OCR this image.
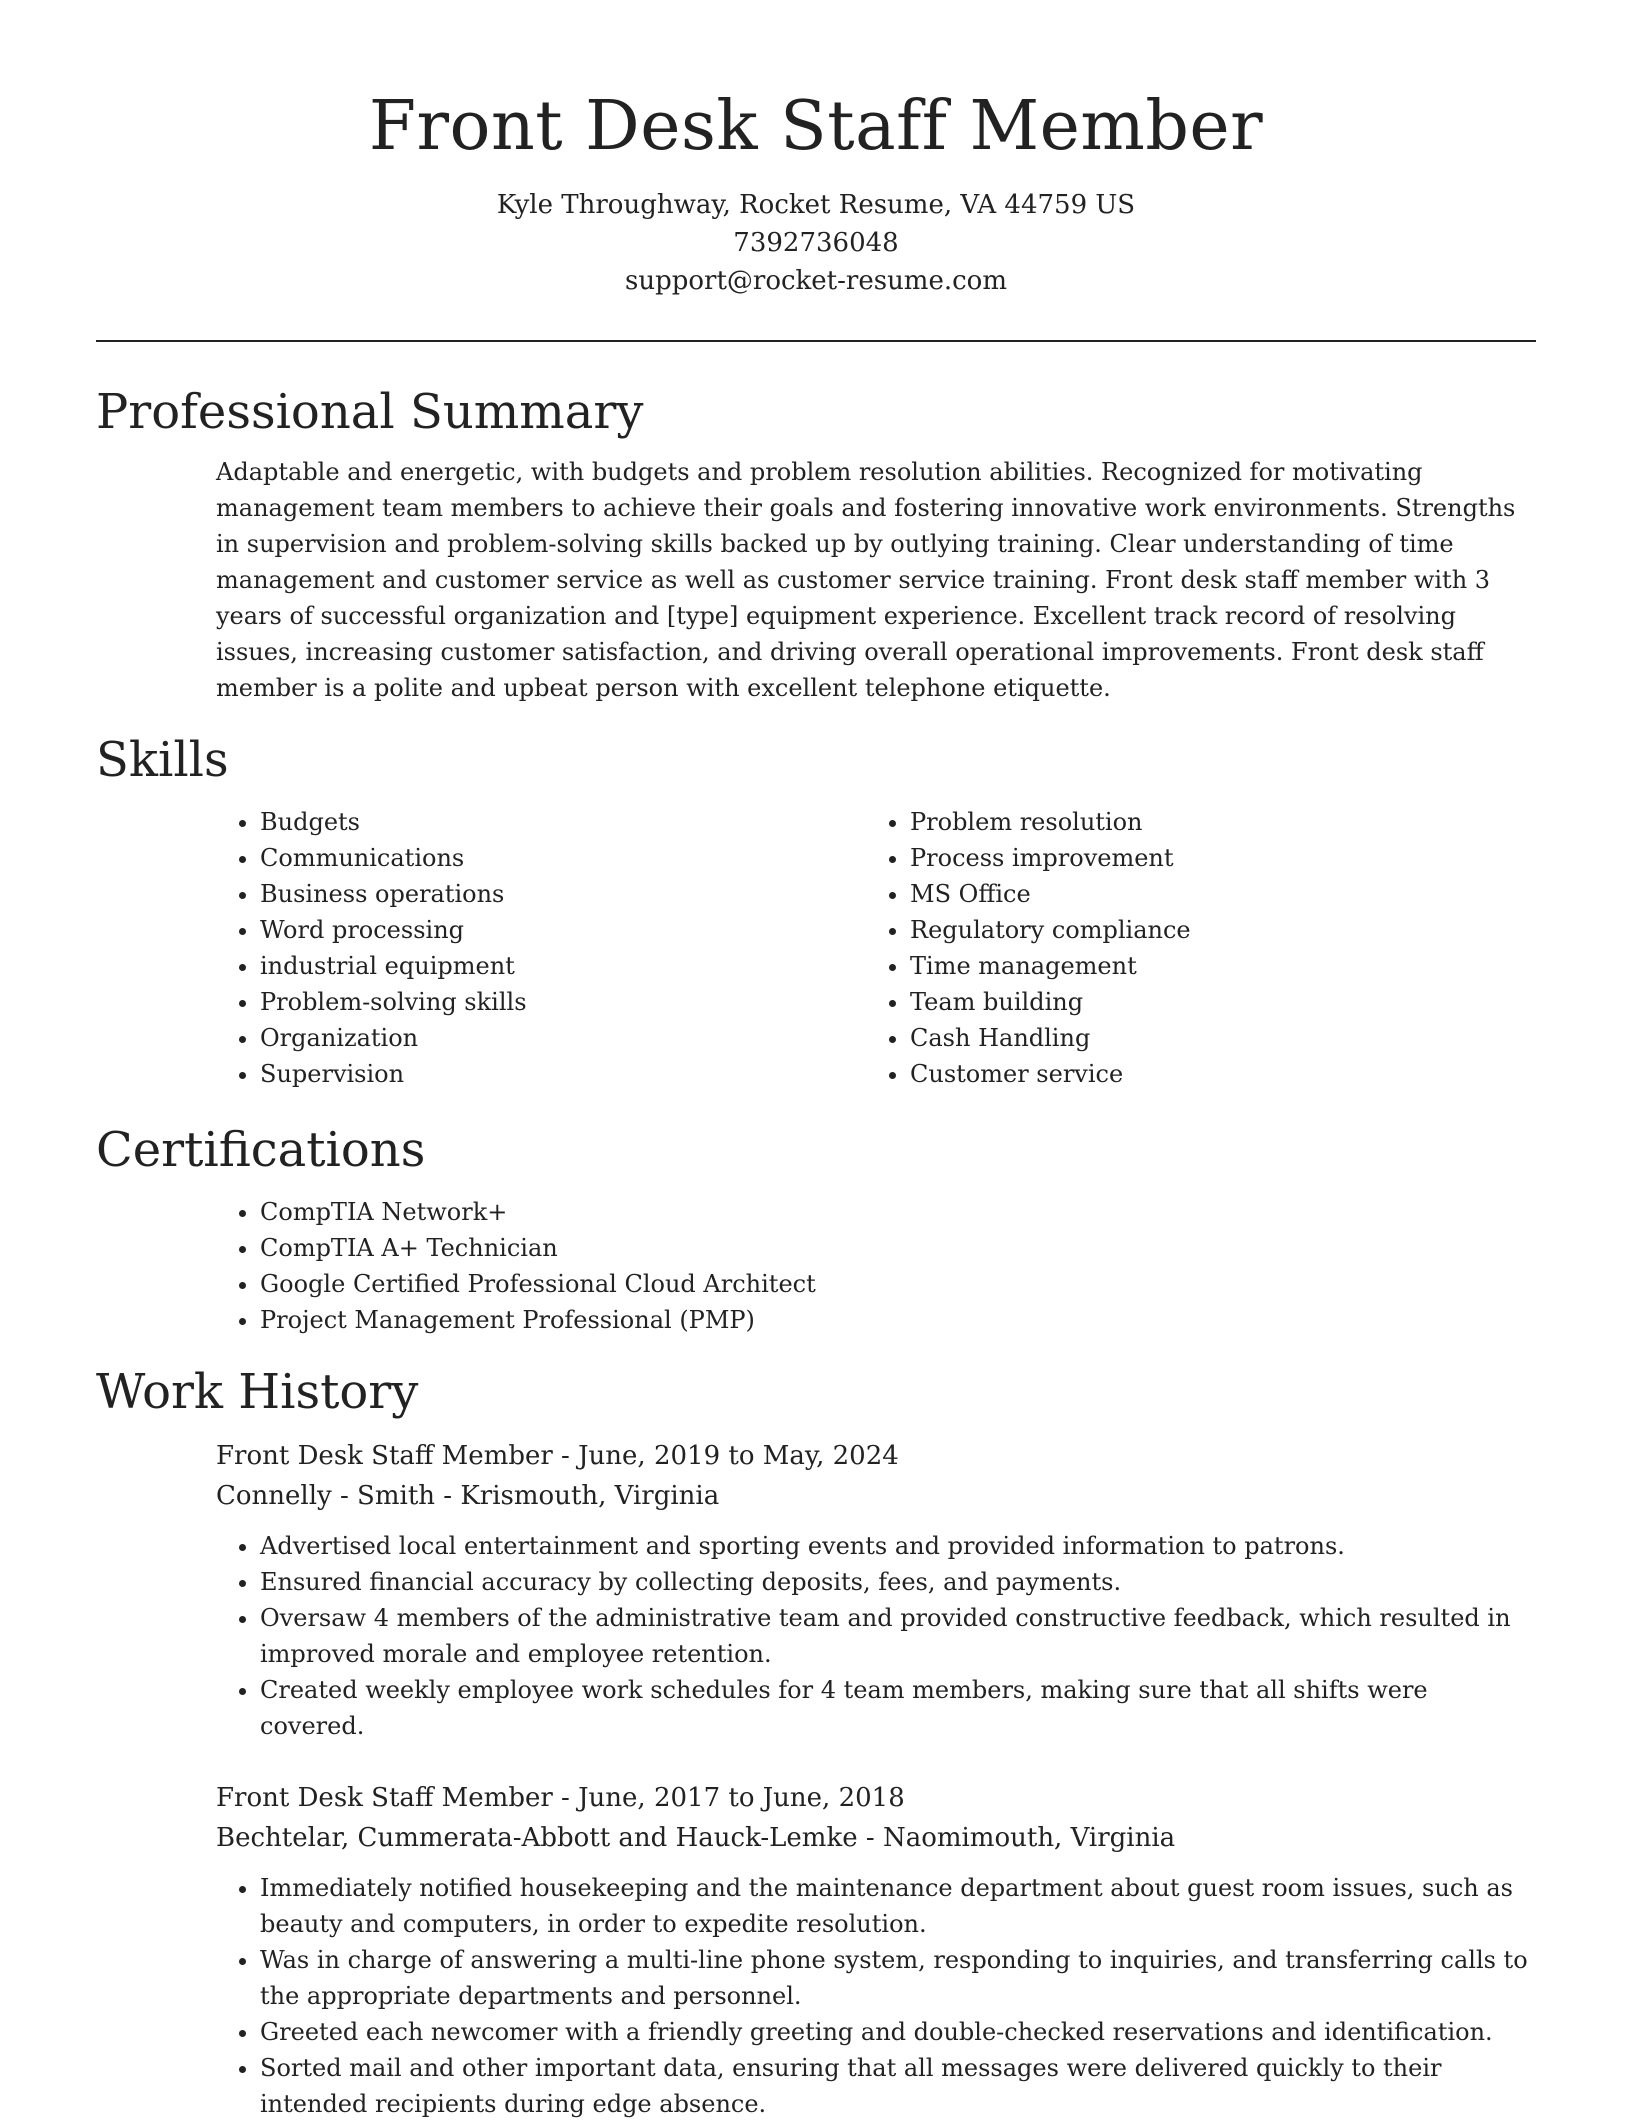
Front Desk Staff Member
Kyle Throughway, Rocket Resume, VA 44759 US
7392736048
support@rocket-resume.com
Professional Summary
Adaptable and energetic, with budgets and problem resolution abilities. Recognized for motivating management team members to achieve their goals and fostering innovative work environments. Strengths in supervision and problem-solving skills backed up by outlying training. Clear understanding of time management and customer service as well as customer service training. Front desk staff member with 3 years of successful organization and [type] equipment experience. Excellent track record of resolving issues, increasing customer satisfaction, and driving overall operational improvements. Front desk staff member is a polite and upbeat person with excellent telephone etiquette.
Skills
• Budgets
• Communications
• Business operations
• Word processing
• industrial equipment
• Problem-solving skills
• Organization
• Supervision
• Problem resolution
• Process improvement
• MS Office
• Regulatory compliance
• Time management
• Team building
• Cash Handling
• Customer service
Certifications
• CompTIA Network+
• CompTIA A+ Technician
• Google Certified Professional Cloud Architect
• Project Management Professional (PMP)
Work History
Front Desk Staff Member - June, 2019 to May, 2024
Connelly - Smith - Krismouth, Virginia
• Advertised local entertainment and sporting events and provided information to patrons.
• Ensured financial accuracy by collecting deposits, fees, and payments.
• Oversaw 4 members of the administrative team and provided constructive feedback, which resulted in improved morale and employee retention.
• Created weekly employee work schedules for 4 team members, making sure that all shifts were covered.
Front Desk Staff Member - June, 2017 to June, 2018
Bechtelar, Cummerata-Abbott and Hauck-Lemke - Naomimouth, Virginia
• Immediately notified housekeeping and the maintenance department about guest room issues, such as beauty and computers, in order to expedite resolution.
• Was in charge of answering a multi-line phone system, responding to inquiries, and transferring calls to the appropriate departments and personnel.
• Greeted each newcomer with a friendly greeting and double-checked reservations and identification.
• Sorted mail and other important data, ensuring that all messages were delivered quickly to their intended recipients during edge absence.
